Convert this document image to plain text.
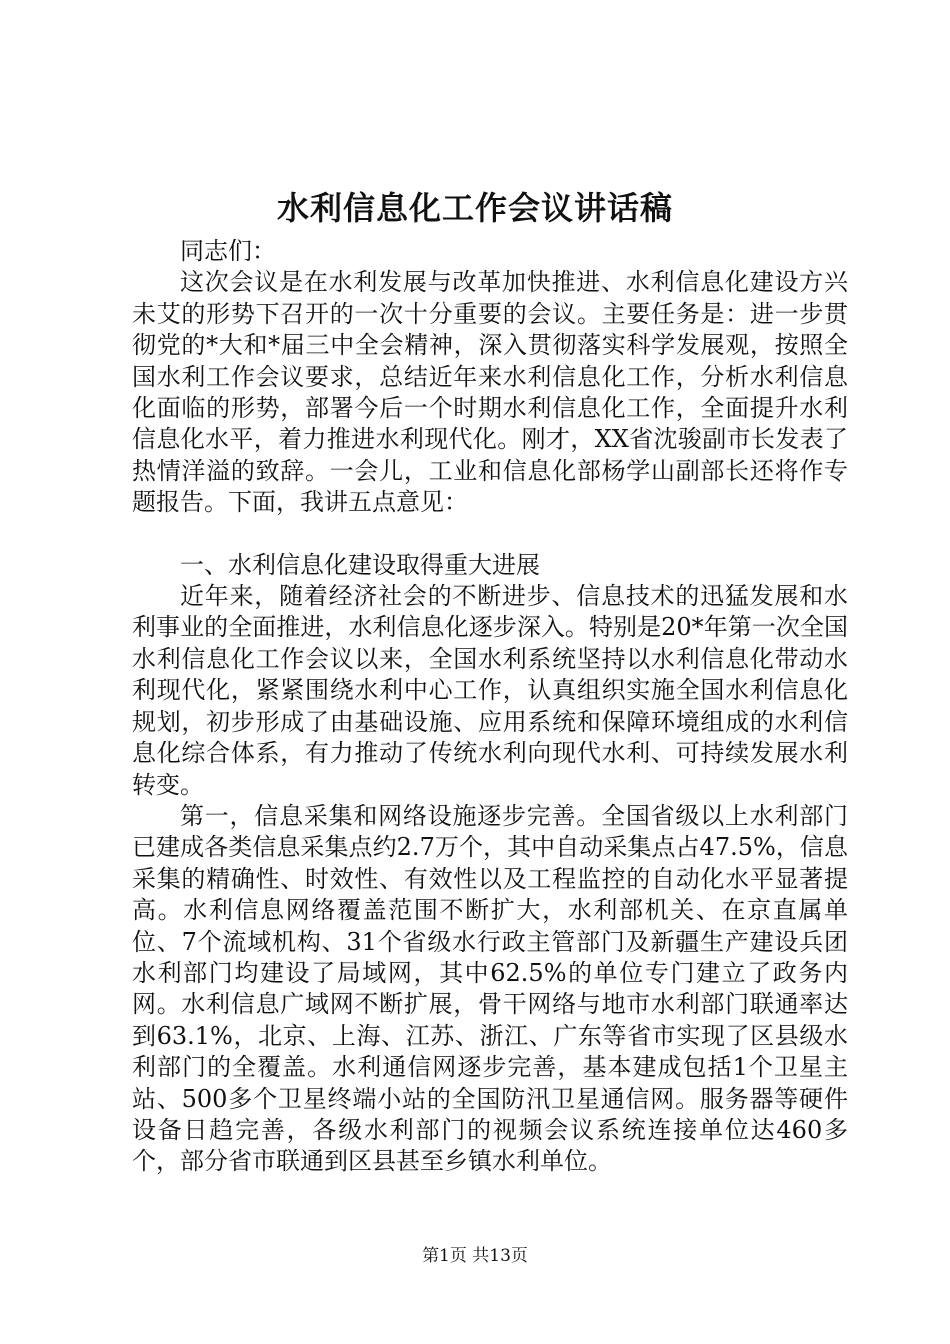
水利信息化工作会议讲话稿

同志们：

这次会议是在水利发展与改革加快推进、水利信息化建设方兴未艾的形势下召开的一次十分重要的会议。主要任务是：进一步贯彻党的*大和*届三中全会精神，深入贯彻落实科学发展观，按照全国水利工作会议要求，总结近年来水利信息化工作，分析水利信息化面临的形势，部署今后一个时期水利信息化工作，全面提升水利信息化水平，着力推进水利现代化。刚才，XX省沈骏副市长发表了热情洋溢的致辞。一会儿，工业和信息化部杨学山副部长还将作专题报告。下面，我讲五点意见：

一、水利信息化建设取得重大进展

近年来，随着经济社会的不断进步、信息技术的迅猛发展和水利事业的全面推进，水利信息化逐步深入。特别是20*年第一次全国水利信息化工作会议以来，全国水利系统坚持以水利信息化带动水利现代化，紧紧围绕水利中心工作，认真组织实施全国水利信息化规划，初步形成了由基础设施、应用系统和保障环境组成的水利信息化综合体系，有力推动了传统水利向现代水利、可持续发展水利转变。

第一，信息采集和网络设施逐步完善。全国省级以上水利部门已建成各类信息采集点约2.7万个，其中自动采集点占47.5%，信息采集的精确性、时效性、有效性以及工程监控的自动化水平显著提高。水利信息网络覆盖范围不断扩大，水利部机关、在京直属单位、7个流域机构、31个省级水行政主管部门及新疆生产建设兵团水利部门均建设了局域网，其中62.5%的单位专门建立了政务内网。水利信息广域网不断扩展，骨干网络与地市水利部门联通率达到63.1%，北京、上海、江苏、浙江、广东等省市实现了区县级水利部门的全覆盖。水利通信网逐步完善，基本建成包括1个卫星主站、500多个卫星终端小站的全国防汛卫星通信网。服务器等硬件设备日趋完善，各级水利部门的视频会议系统连接单位达460多个，部分省市联通到区县甚至乡镇水利单位。

第1页 共13页
